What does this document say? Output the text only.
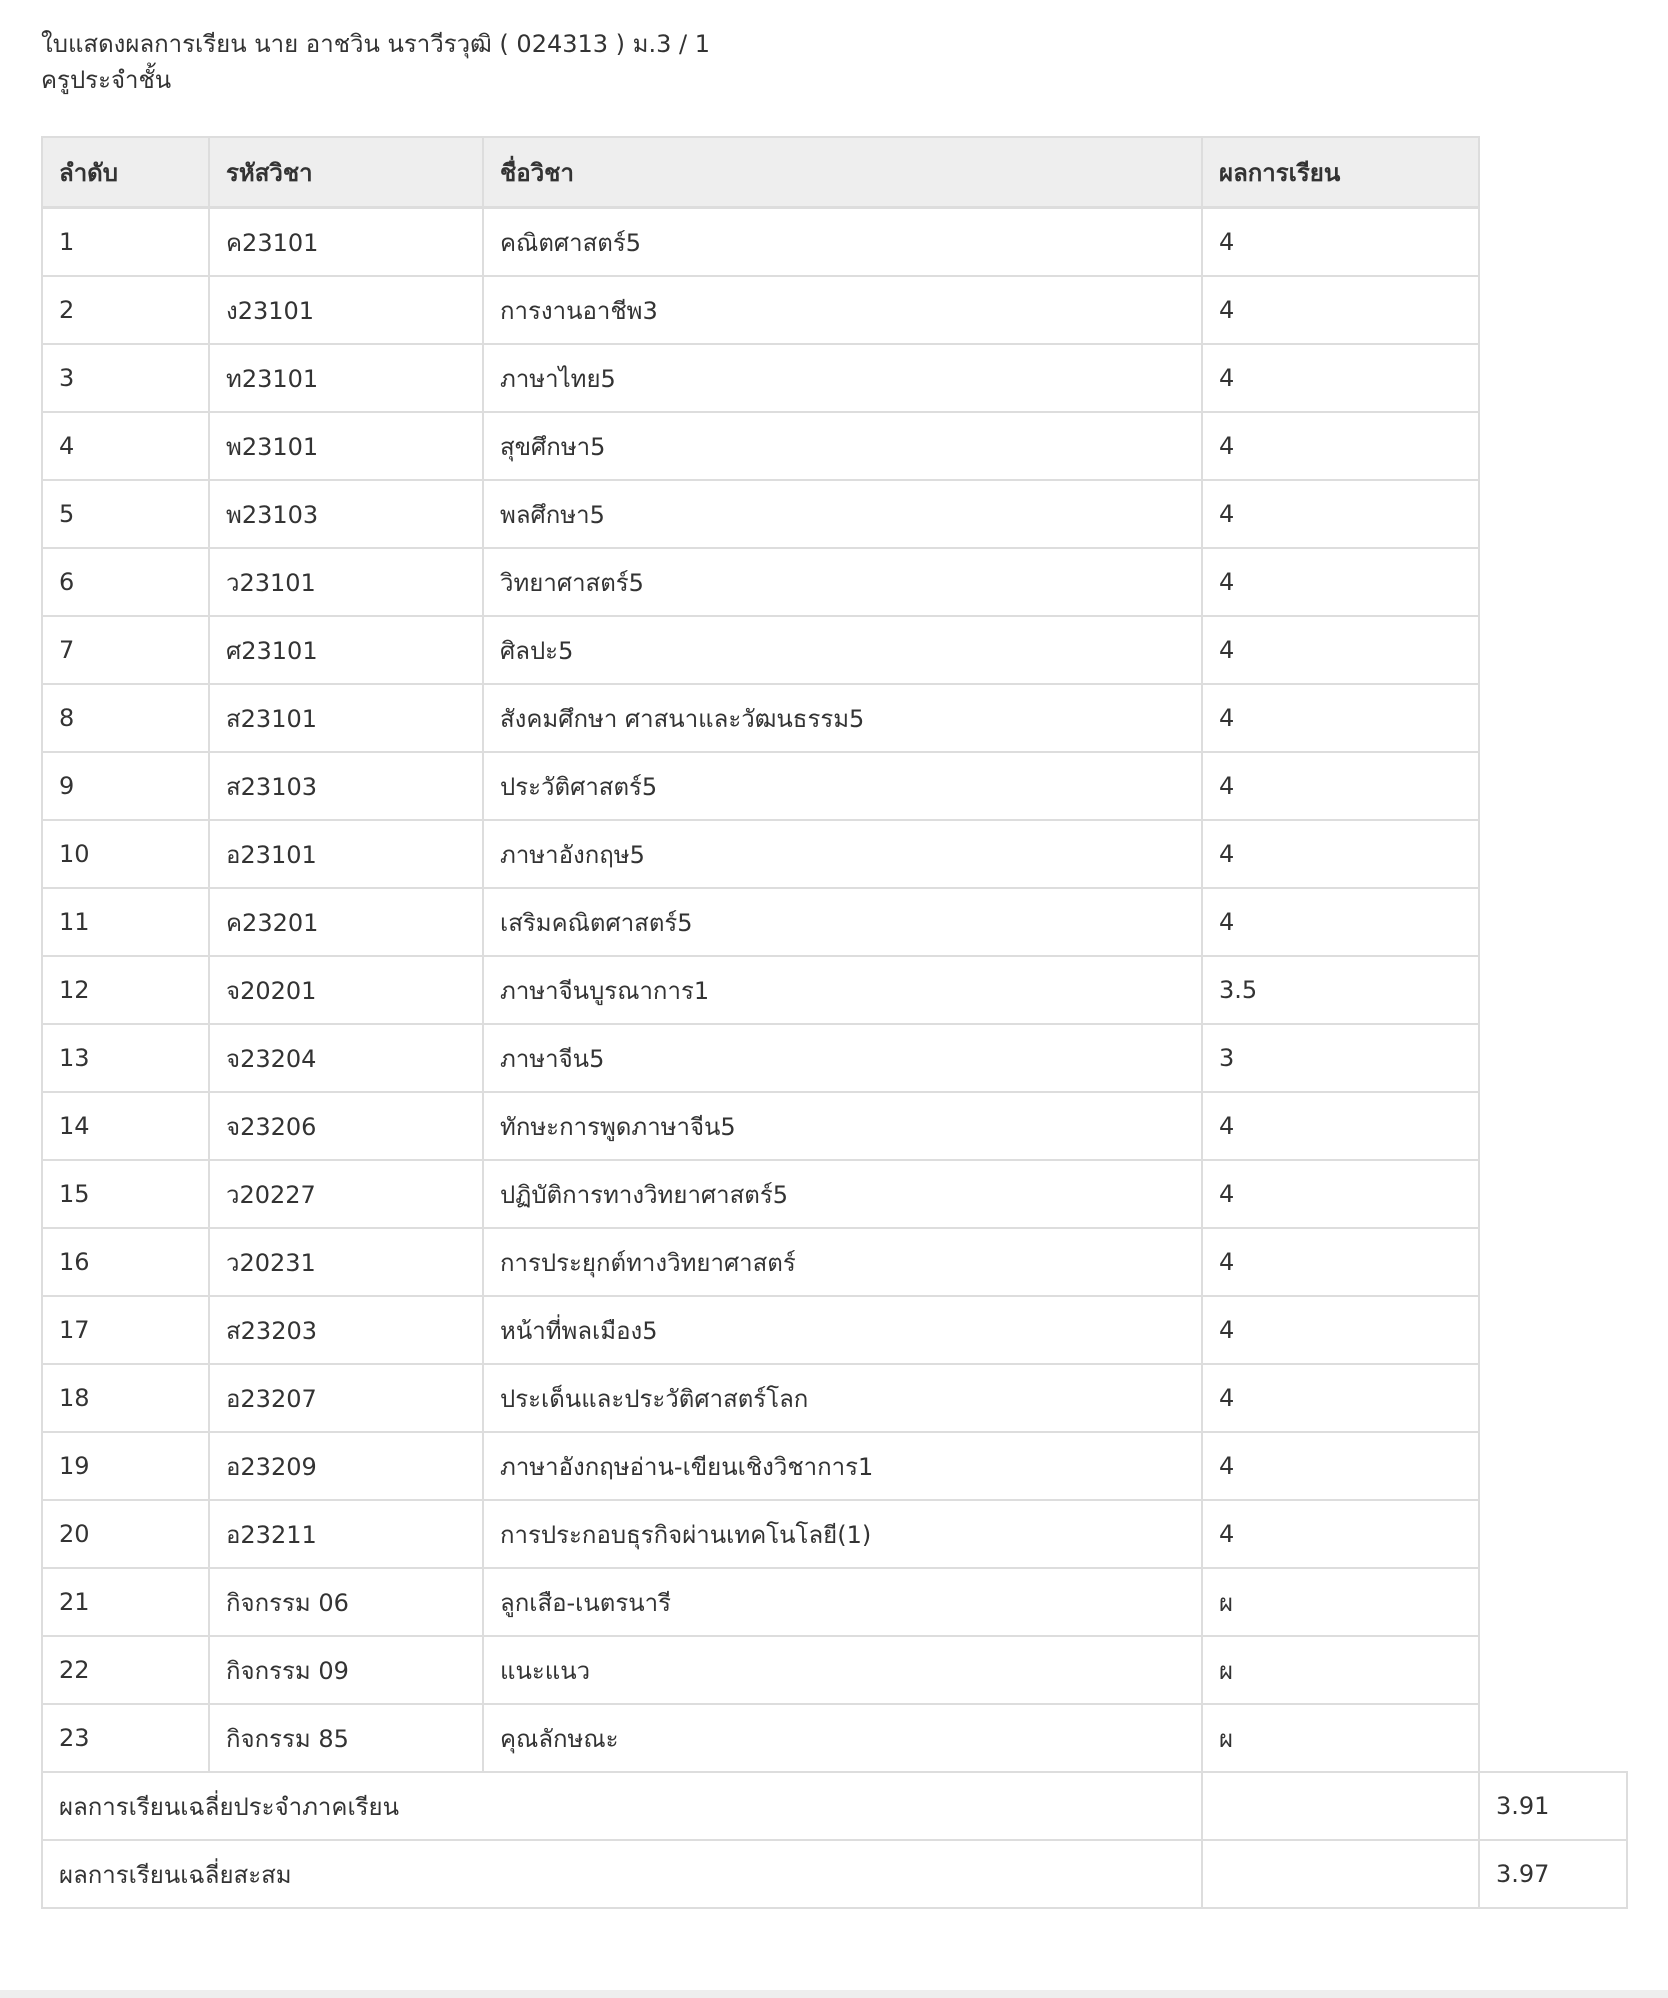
ใบแสดงผลการเรียน นาย อาชวิน นราวีรวุฒิ ( 024313 ) ม.3 / 1
ครูประจำชั้น
ลำดับ	รหัสวิชา	ชื่อวิชา	ผลการเรียน	
1	ค23101	คณิตศาสตร์5	4	
2	ง23101	การงานอาชีพ3	4	
3	ท23101	ภาษาไทย5	4	
4	พ23101	สุขศึกษา5	4	
5	พ23103	พลศึกษา5	4	
6	ว23101	วิทยาศาสตร์5	4	
7	ศ23101	ศิลปะ5	4	
8	ส23101	สังคมศึกษา ศาสนาและวัฒนธรรม5	4	
9	ส23103	ประวัติศาสตร์5	4	
10	อ23101	ภาษาอังกฤษ5	4	
11	ค23201	เสริมคณิตศาสตร์5	4	
12	จ20201	ภาษาจีนบูรณาการ1	3.5	
13	จ23204	ภาษาจีน5	3	
14	จ23206	ทักษะการพูดภาษาจีน5	4	
15	ว20227	ปฏิบัติการทางวิทยาศาสตร์5	4	
16	ว20231	การประยุกต์ทางวิทยาศาสตร์	4	
17	ส23203	หน้าที่พลเมือง5	4	
18	อ23207	ประเด็นและประวัติศาสตร์โลก	4	
19	อ23209	ภาษาอังกฤษอ่าน-เขียนเชิงวิชาการ1	4	
20	อ23211	การประกอบธุรกิจผ่านเทคโนโลยี(1)	4	
21	กิจกรรม 06	ลูกเสือ-เนตรนารี	ผ	
22	กิจกรรม 09	แนะแนว	ผ	
23	กิจกรรม 85	คุณลักษณะ	ผ	
ผลการเรียนเฉลี่ยประจำภาคเรียน				3.91
ผลการเรียนเฉลี่ยสะสม				3.97
